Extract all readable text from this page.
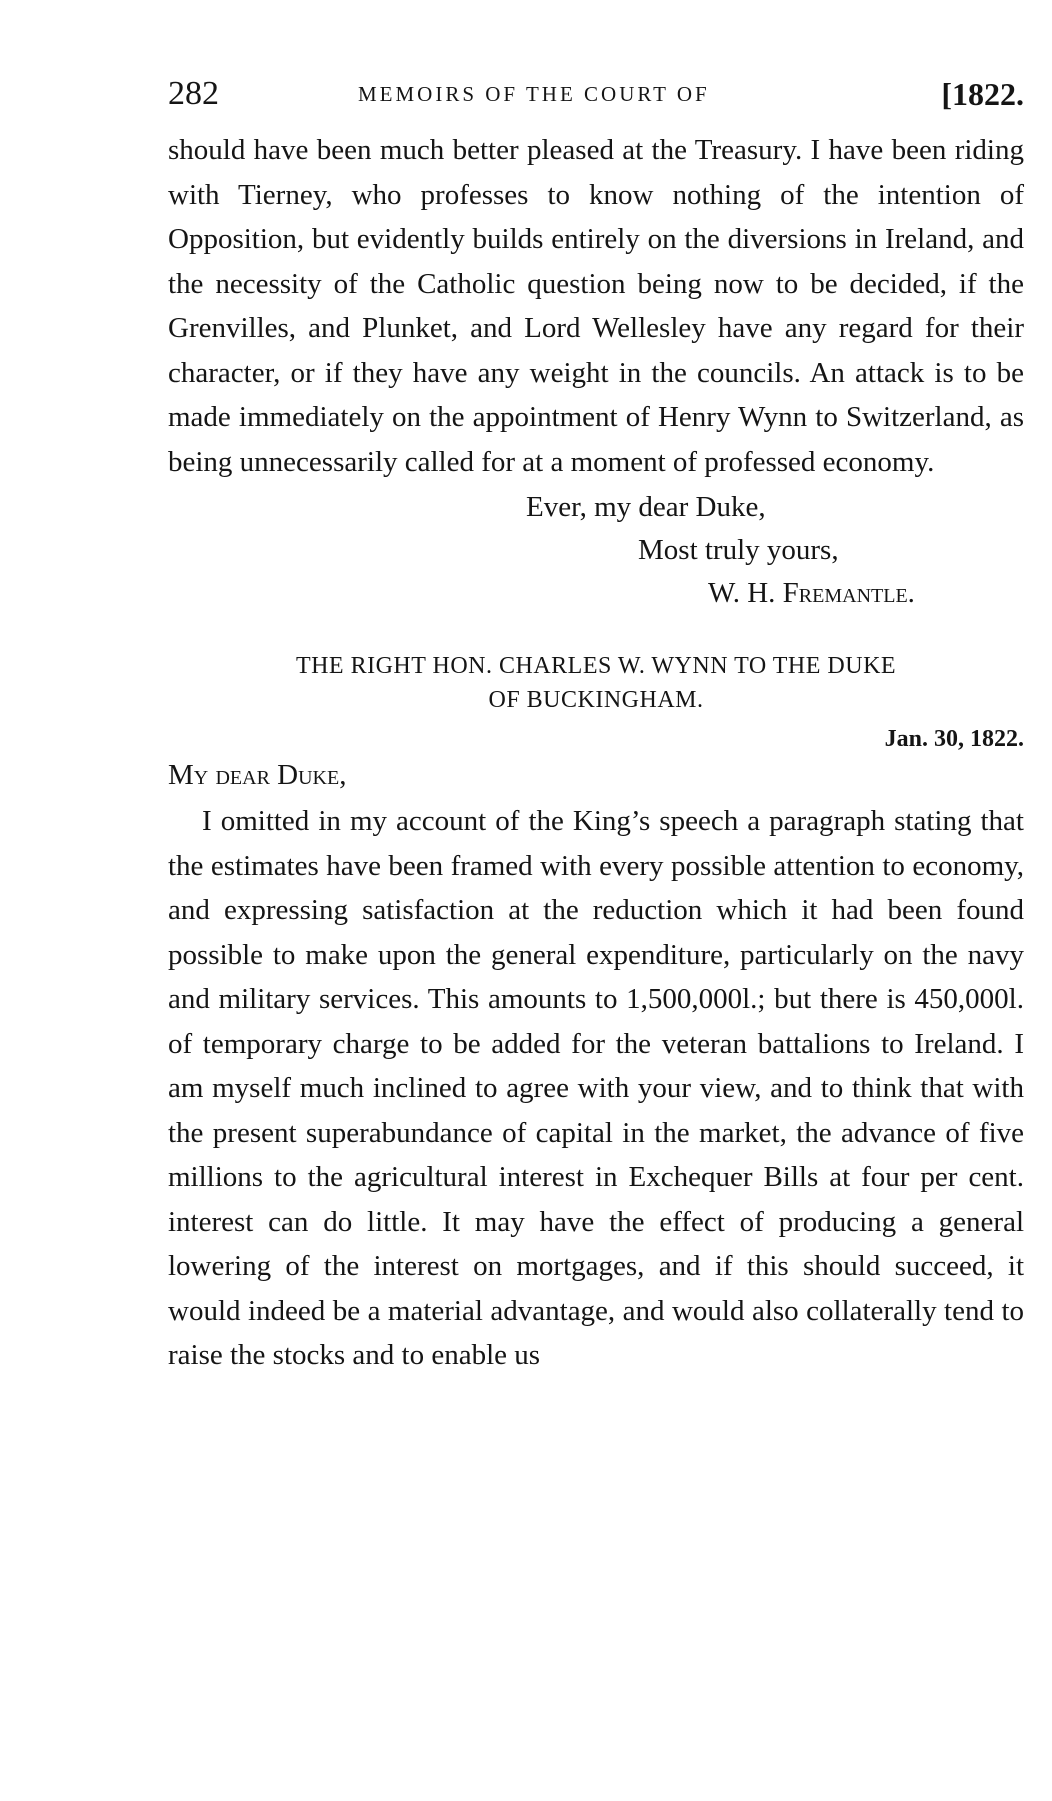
282	MEMOIRS OF THE COURT OF	[1822.

should have been much better pleased at the Treasury. I have been riding with Tierney, who professes to know nothing of the intention of Opposition, but evidently builds entirely on the diversions in Ireland, and the necessity of the Catholic question being now to be decided, if the Grenvilles, and Plunket, and Lord Wellesley have any regard for their character, or if they have any weight in the councils. An attack is to be made immediately on the appointment of Henry Wynn to Switzerland, as being unnecessarily called for at a moment of professed economy.

Ever, my dear Duke,
Most truly yours,
W. H. Fremantle.
THE RIGHT HON. CHARLES W. WYNN TO THE DUKE
OF BUCKINGHAM.
Jan. 30, 1822.
My dear Duke,

I omitted in my account of the King’s speech a paragraph stating that the estimates have been framed with every possible attention to economy, and expressing satisfaction at the reduction which it had been found possible to make upon the general expenditure, particularly on the navy and military services. This amounts to 1,500,000l.; but there is 450,000l. of temporary charge to be added for the veteran battalions to Ireland. I am myself much inclined to agree with your view, and to think that with the present superabundance of capital in the market, the advance of five millions to the agricultural interest in Exchequer Bills at four per cent. interest can do little. It may have the effect of producing a general lowering of the interest on mortgages, and if this should succeed, it would indeed be a material advantage, and would also collaterally tend to raise the stocks and to enable us
